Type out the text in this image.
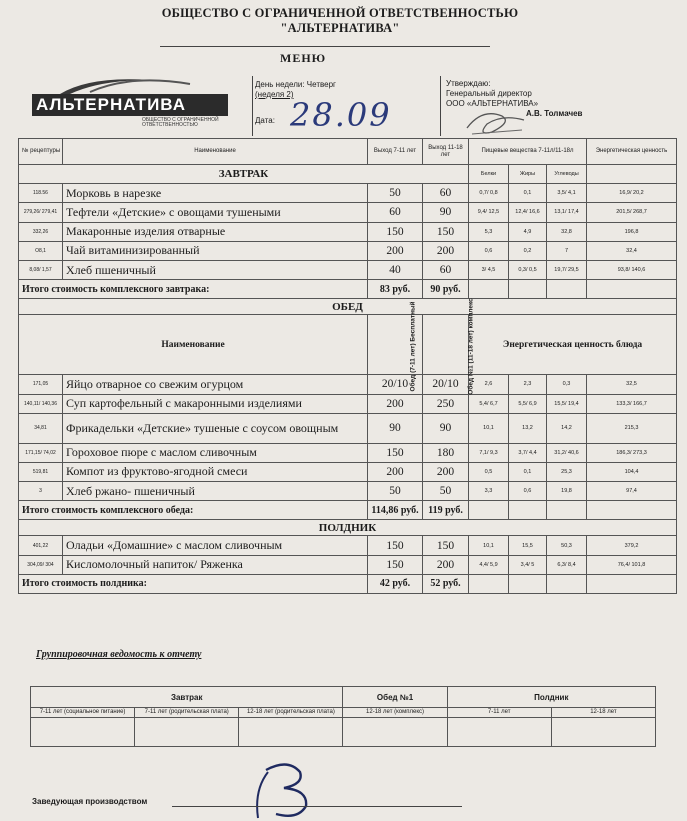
ОБЩЕСТВО С ОГРАНИЧЕННОЙ ОТВЕТСТВЕННОСТЬЮ
"АЛЬТЕРНАТИВА"
МЕНЮ
АЛЬТЕРНАТИВА
ОБЩЕСТВО С ОГРАНИЧЕННОЙ ОТВЕТСТВЕННОСТЬЮ
День недели: Четверг
(неделя 2)
Дата: 28.09
Утверждаю:
Генеральный директор
ООО «АЛЬТЕРНАТИВА»
А.В. Толмачев
№ рецептуры	Наименование	Выход 7-11 лет	Выход 11-18 лет	Пищевые вещества 7-11л/11-18л			Энергетическая ценность
ЗАВТРАК				Белки	Жиры	Углеводы	
118.56	Морковь в нарезке	50	60	0,7/ 0,8	0,1	3,5/ 4,1	16,9/ 20,2
279,26/ 279,41	Тефтели «Детские» с овощами тушеными	60	90	9,4/ 12,5	12,4/ 16,6	13,1/ 17,4	201,5/ 268,7
332,26	Макаронные изделия отварные	150	150	5,3	4,9	32,8	196,8
О8,1	Чай витаминизированный	200	200	0,6	0,2	7	32,4
8,08/ 1,57	Хлеб пшеничный	40	60	3/ 4,5	0,3/ 0,5	19,7/ 29,5	93,8/ 140,6
Итого стоимость комплексного завтрака:		83 руб.	90 руб.				
ОБЕД							
Наименование		Обед (7-11 лет) Бесплатный	Обед №1 (11-18 лет) комплекс	Энергетическая ценность блюда			
171,05	Яйцо отварное со свежим огурцом	20/10	20/10	2,6	2,3	0,3	32,5
140,11/ 140,36	Суп картофельный с макаронными изделиями	200	250	5,4/ 6,7	5,5/ 6,9	15,5/ 19,4	133,3/ 166,7
34,81	Фрикадельки «Детские» тушеные с соусом овощным	90	90	10,1	13,2	14,2	215,3
171,15/ 74,02	Гороховое пюре с маслом сливочным	150	180	7,1/ 9,3	3,7/ 4,4	31,2/ 40,6	186,3/ 273,3
519,81	Компот из фруктово-ягодной смеси	200	200	0,5	0,1	25,3	104,4
3	Хлеб ржано- пшеничный	50	50	3,3	0,6	19,8	97,4
Итого стоимость комплексного обеда:		114,86 руб.	119 руб.				
ПОЛДНИК							
401,22	Оладьи «Домашние» с маслом сливочным	150	150	10,1	15,5	50,3	379,2
304,09/ 304	Кисломолочный напиток/ Ряженка	150	200	4,4/ 5,9	3,4/ 5	6,3/ 8,4	76,4/ 101,8
Итого стоимость полдника:		42 руб.	52 руб.				
Группировочная ведомость к отчету
Завтрак			Обед №1	Полдник	
7-11 лет (социальное питание)	7-11 лет (родительская плата)	12-18 лет (родительская плата)	12-18 лет (комплекс)	7-11 лет	12-18 лет

Заведующая производством
